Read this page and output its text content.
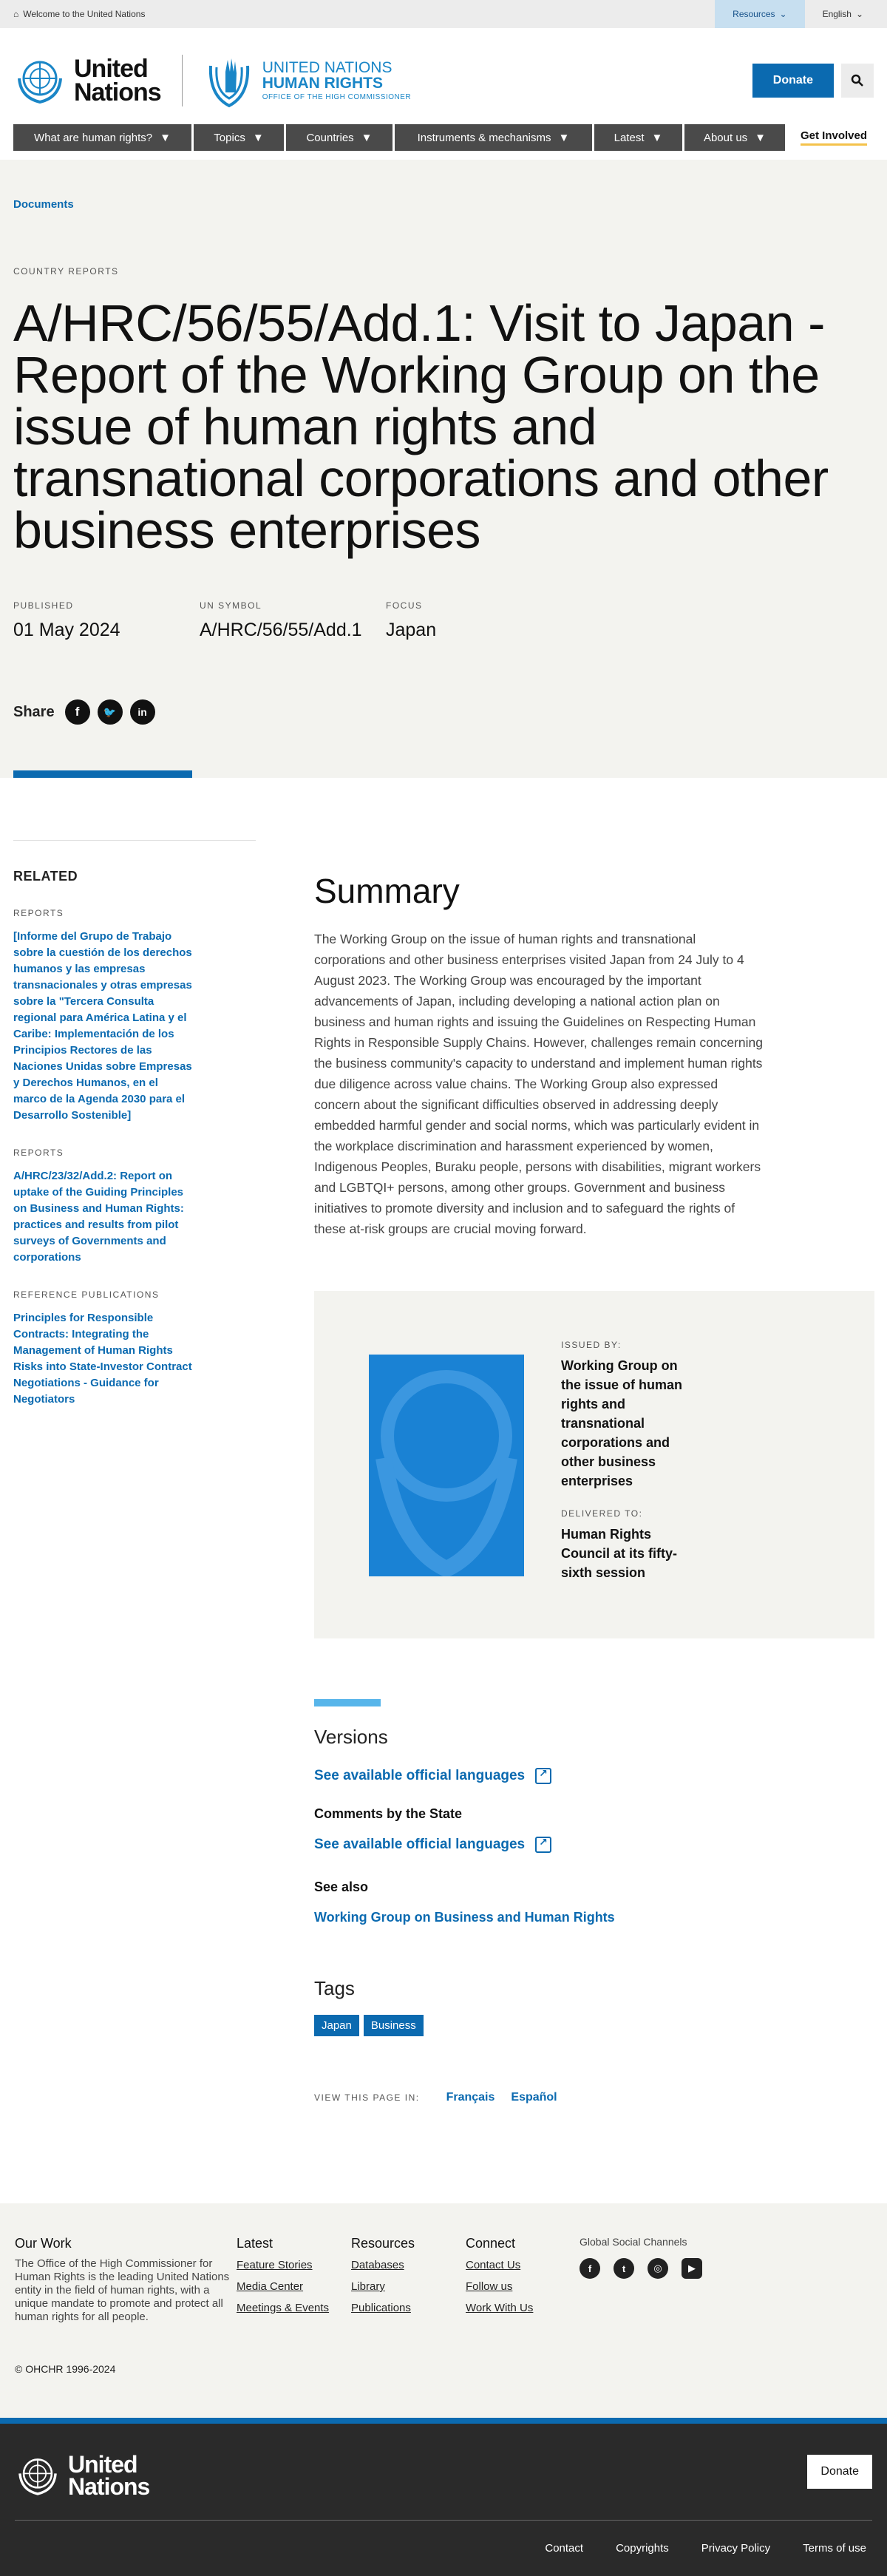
⌂ Welcome to the United Nations	Resources ⌄	English ⌄
United
Nations
UNITED NATIONS
HUMAN RIGHTS
OFFICE OF THE HIGH COMMISSIONER
Donate
What are human rights? ▼	Topics ▼	Countries ▼	Instruments & mechanisms ▼	Latest ▼	About us ▼	Get Involved
Documents
COUNTRY REPORTS
A/HRC/56/55/Add.1: Visit to Japan - Report of the Working Group on the issue of human rights and transnational corporations and other business enterprises
PUBLISHED
01 May 2024
UN SYMBOL
A/HRC/56/55/Add.1
FOCUS
Japan
Share	f	🐦	in
RELATED
REPORTS
[Informe del Grupo de Trabajo sobre la cuestión de los derechos humanos y las empresas transnacionales y otras empresas sobre la "Tercera Consulta regional para América Latina y el Caribe: Implementación de los Principios Rectores de las Naciones Unidas sobre Empresas y Derechos Humanos, en el marco de la Agenda 2030 para el Desarrollo Sostenible]
REPORTS
A/HRC/23/32/Add.2: Report on uptake of the Guiding Principles on Business and Human Rights: practices and results from pilot surveys of Governments and corporations
REFERENCE PUBLICATIONS
Principles for Responsible Contracts: Integrating the Management of Human Rights Risks into State-Investor Contract Negotiations - Guidance for Negotiators
Summary

The Working Group on the issue of human rights and transnational corporations and other business enterprises visited Japan from 24 July to 4 August 2023. The Working Group was encouraged by the important advancements of Japan, including developing a national action plan on business and human rights and issuing the Guidelines on Respecting Human Rights in Responsible Supply Chains. However, challenges remain concerning the business community's capacity to understand and implement human rights due diligence across value chains. The Working Group also expressed concern about the significant difficulties observed in addressing deeply embedded harmful gender and social norms, which was particularly evident in the workplace discrimination and harassment experienced by women, Indigenous Peoples, Buraku people, persons with disabilities, migrant workers and LGBTQI+ persons, among other groups. Government and business initiatives to promote diversity and inclusion and to safeguard the rights of these at-risk groups are crucial moving forward.

ISSUED BY:
Working Group on the issue of human rights and transnational corporations and other business enterprises
DELIVERED TO:
Human Rights Council at its fifty-sixth session
Versions
See available official languages
↗
Comments by the State
See available official languages
↗
See also
Working Group on Business and Human Rights
Tags
Japan	Business
VIEW THIS PAGE IN: Français Español
Our Work
The Office of the High Commissioner for Human Rights is the leading United Nations entity in the field of human rights, with a unique mandate to promote and protect all human rights for all people.
Latest
Feature Stories
Media Center
Meetings & Events
Resources
Databases
Library
Publications
Connect
Contact Us
Follow us
Work With Us
Global Social Channels
f	t	◎	▶
© OHCHR 1996-2024
United
Nations
Donate
Contact	Copyrights	Privacy Policy	Terms of use
